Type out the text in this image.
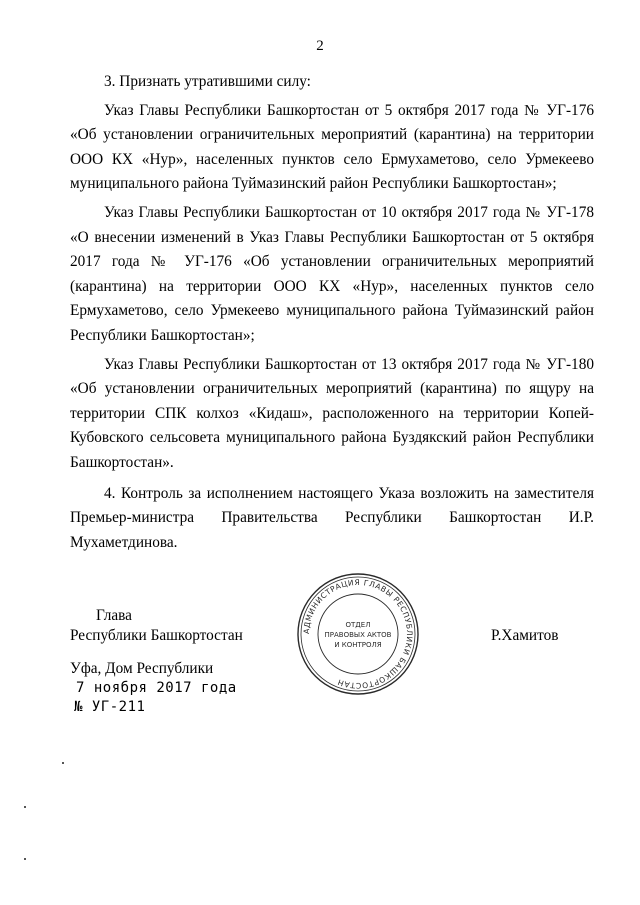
2

3. Признать утратившими силу:

Указ Главы Республики Башкортостан от 5 октября 2017 года № УГ-176 «Об установлении ограничительных мероприятий (карантина) на территории ООО КХ «Нур», населенных пунктов село Ермухаметово, село Урмекеево муниципального района Туймазинский район Республики Башкортостан»;

Указ Главы Республики Башкортостан от 10 октября 2017 года № УГ-178 «О внесении изменений в Указ Главы Республики Башкортостан от 5 октября 2017 года № УГ-176 «Об установлении ограничительных мероприятий (карантина) на территории ООО КХ «Нур», населенных пунктов село Ермухаметово, село Урмекеево муниципального района Туймазинский район Республики Башкортостан»;

Указ Главы Республики Башкортостан от 13 октября 2017 года № УГ-180 «Об установлении ограничительных мероприятий (карантина) по ящуру на территории СПК колхоз «Кидаш», расположенного на территории Копей-Кубовского сельсовета муниципального района Буздякский район Республики Башкортостан».

4. Контроль за исполнением настоящего Указа возложить на заместителя Премьер-министра Правительства Республики Башкортостан И.Р. Мухаметдинова.

Глава
Республики Башкортостан	Р.Хамитов
АДМИНИСТРАЦИЯ ГЛАВЫ РЕСПУБЛИКИ БАШКОРТОСТАН
ОТДЕЛ
ПРАВОВЫХ АКТОВ
И КОНТРОЛЯ
Уфа, Дом Республики
7 ноября 2017 года
№ УГ-211
